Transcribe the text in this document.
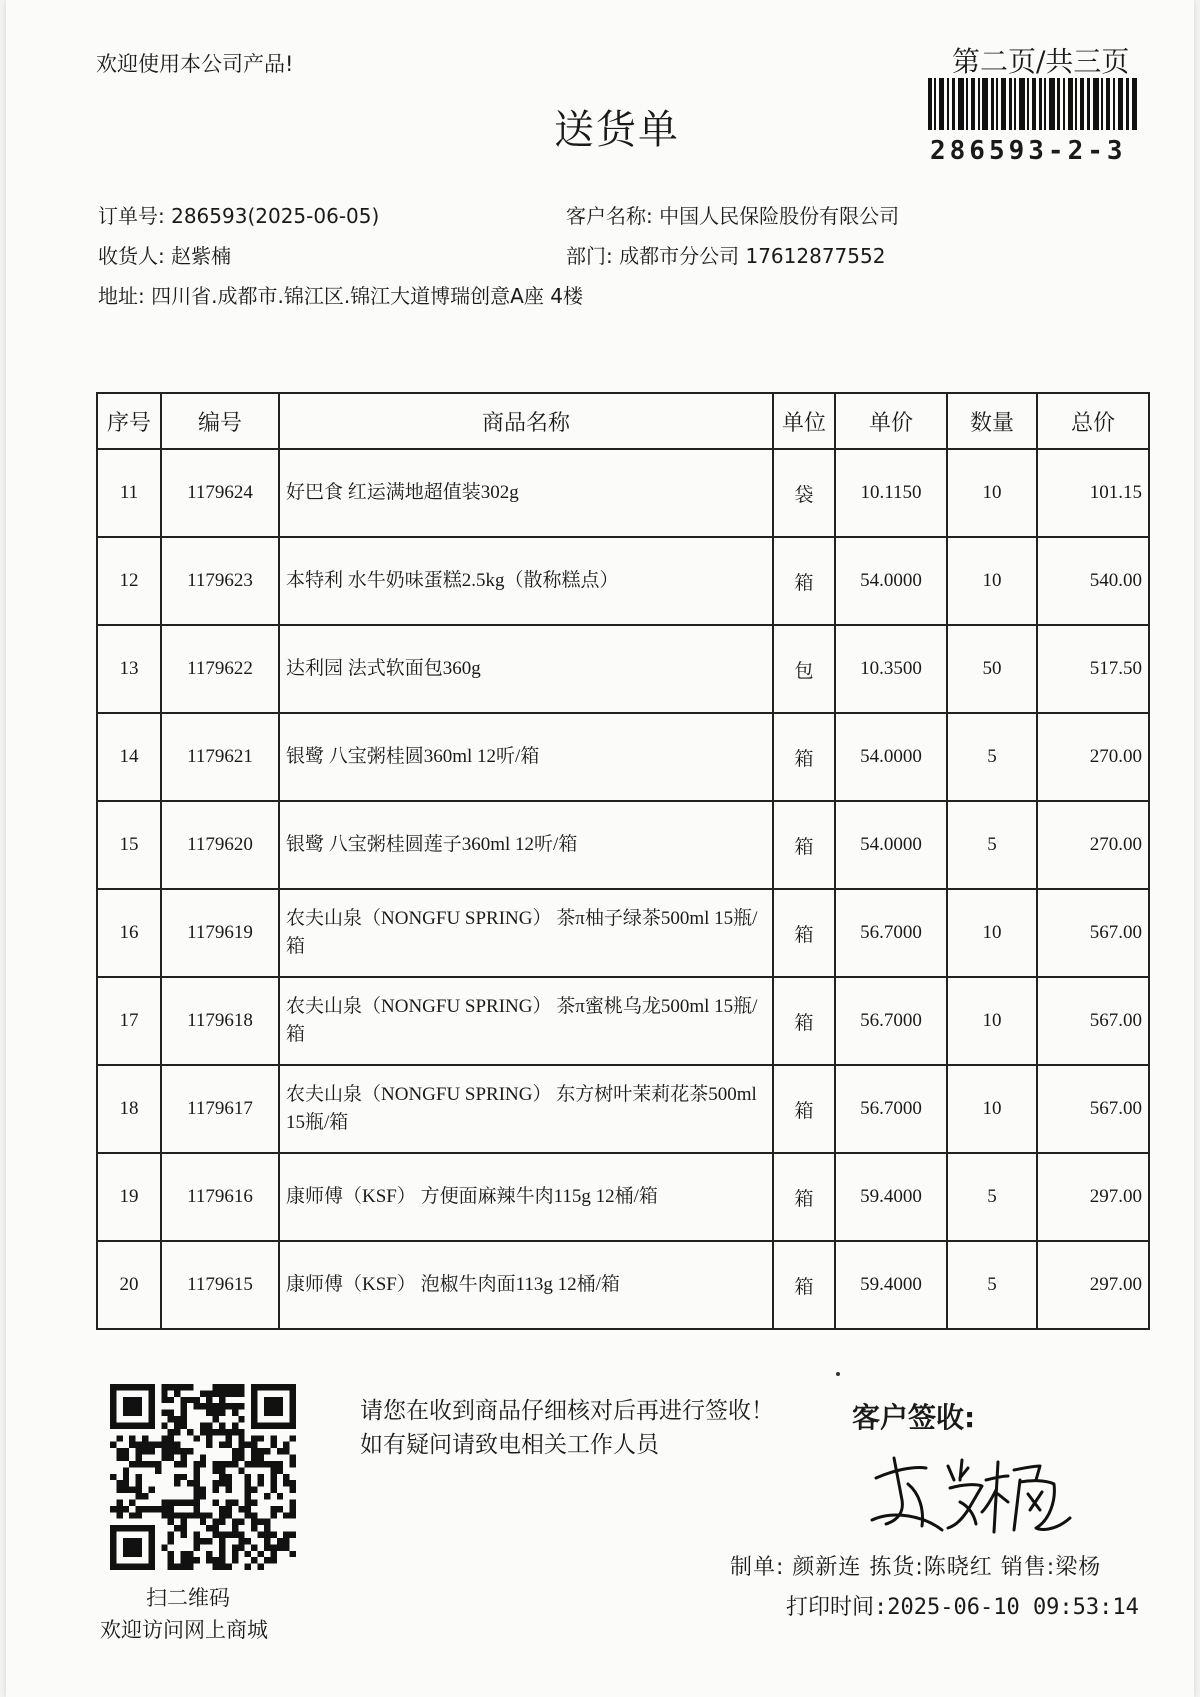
欢迎使用本公司产品!
送货单
第二页/共三页
286593-2-3
订单号: 286593(2025-06-05)	客户名称: 中国人民保险股份有限公司
收货人: 赵紫楠	部门: 成都市分公司 17612877552
地址: 四川省.成都市.锦江区.锦江大道博瑞创意A座 4楼
序号	编号	商品名称	单位	单价	数量	总价
11	1179624	好巴食 红运满地超值装302g	袋	10.1150	10	101.15
12	1179623	本特利 水牛奶味蛋糕2.5kg（散称糕点）	箱	54.0000	10	540.00
13	1179622	达利园 法式软面包360g	包	10.3500	50	517.50
14	1179621	银鹭 八宝粥桂圆360ml 12听/箱	箱	54.0000	5	270.00
15	1179620	银鹭 八宝粥桂圆莲子360ml 12听/箱	箱	54.0000	5	270.00
16	1179619	农夫山泉（NONGFU SPRING） 茶π柚子绿茶500ml 15瓶/箱	箱	56.7000	10	567.00
17	1179618	农夫山泉（NONGFU SPRING） 茶π蜜桃乌龙500ml 15瓶/箱	箱	56.7000	10	567.00
18	1179617	农夫山泉（NONGFU SPRING） 东方树叶茉莉花茶500ml 15瓶/箱	箱	56.7000	10	567.00
19	1179616	康师傅（KSF） 方便面麻辣牛肉115g 12桶/箱	箱	59.4000	5	297.00
20	1179615	康师傅（KSF） 泡椒牛肉面113g 12桶/箱	箱	59.4000	5	297.00
扫二维码
欢迎访问网上商城
请您在收到商品仔细核对后再进行签收！如有疑问请致电相关工作人员
客户签收:
制单: 颜新连 拣货:陈晓红 销售:梁杨
打印时间:2025-06-10 09:53:14
